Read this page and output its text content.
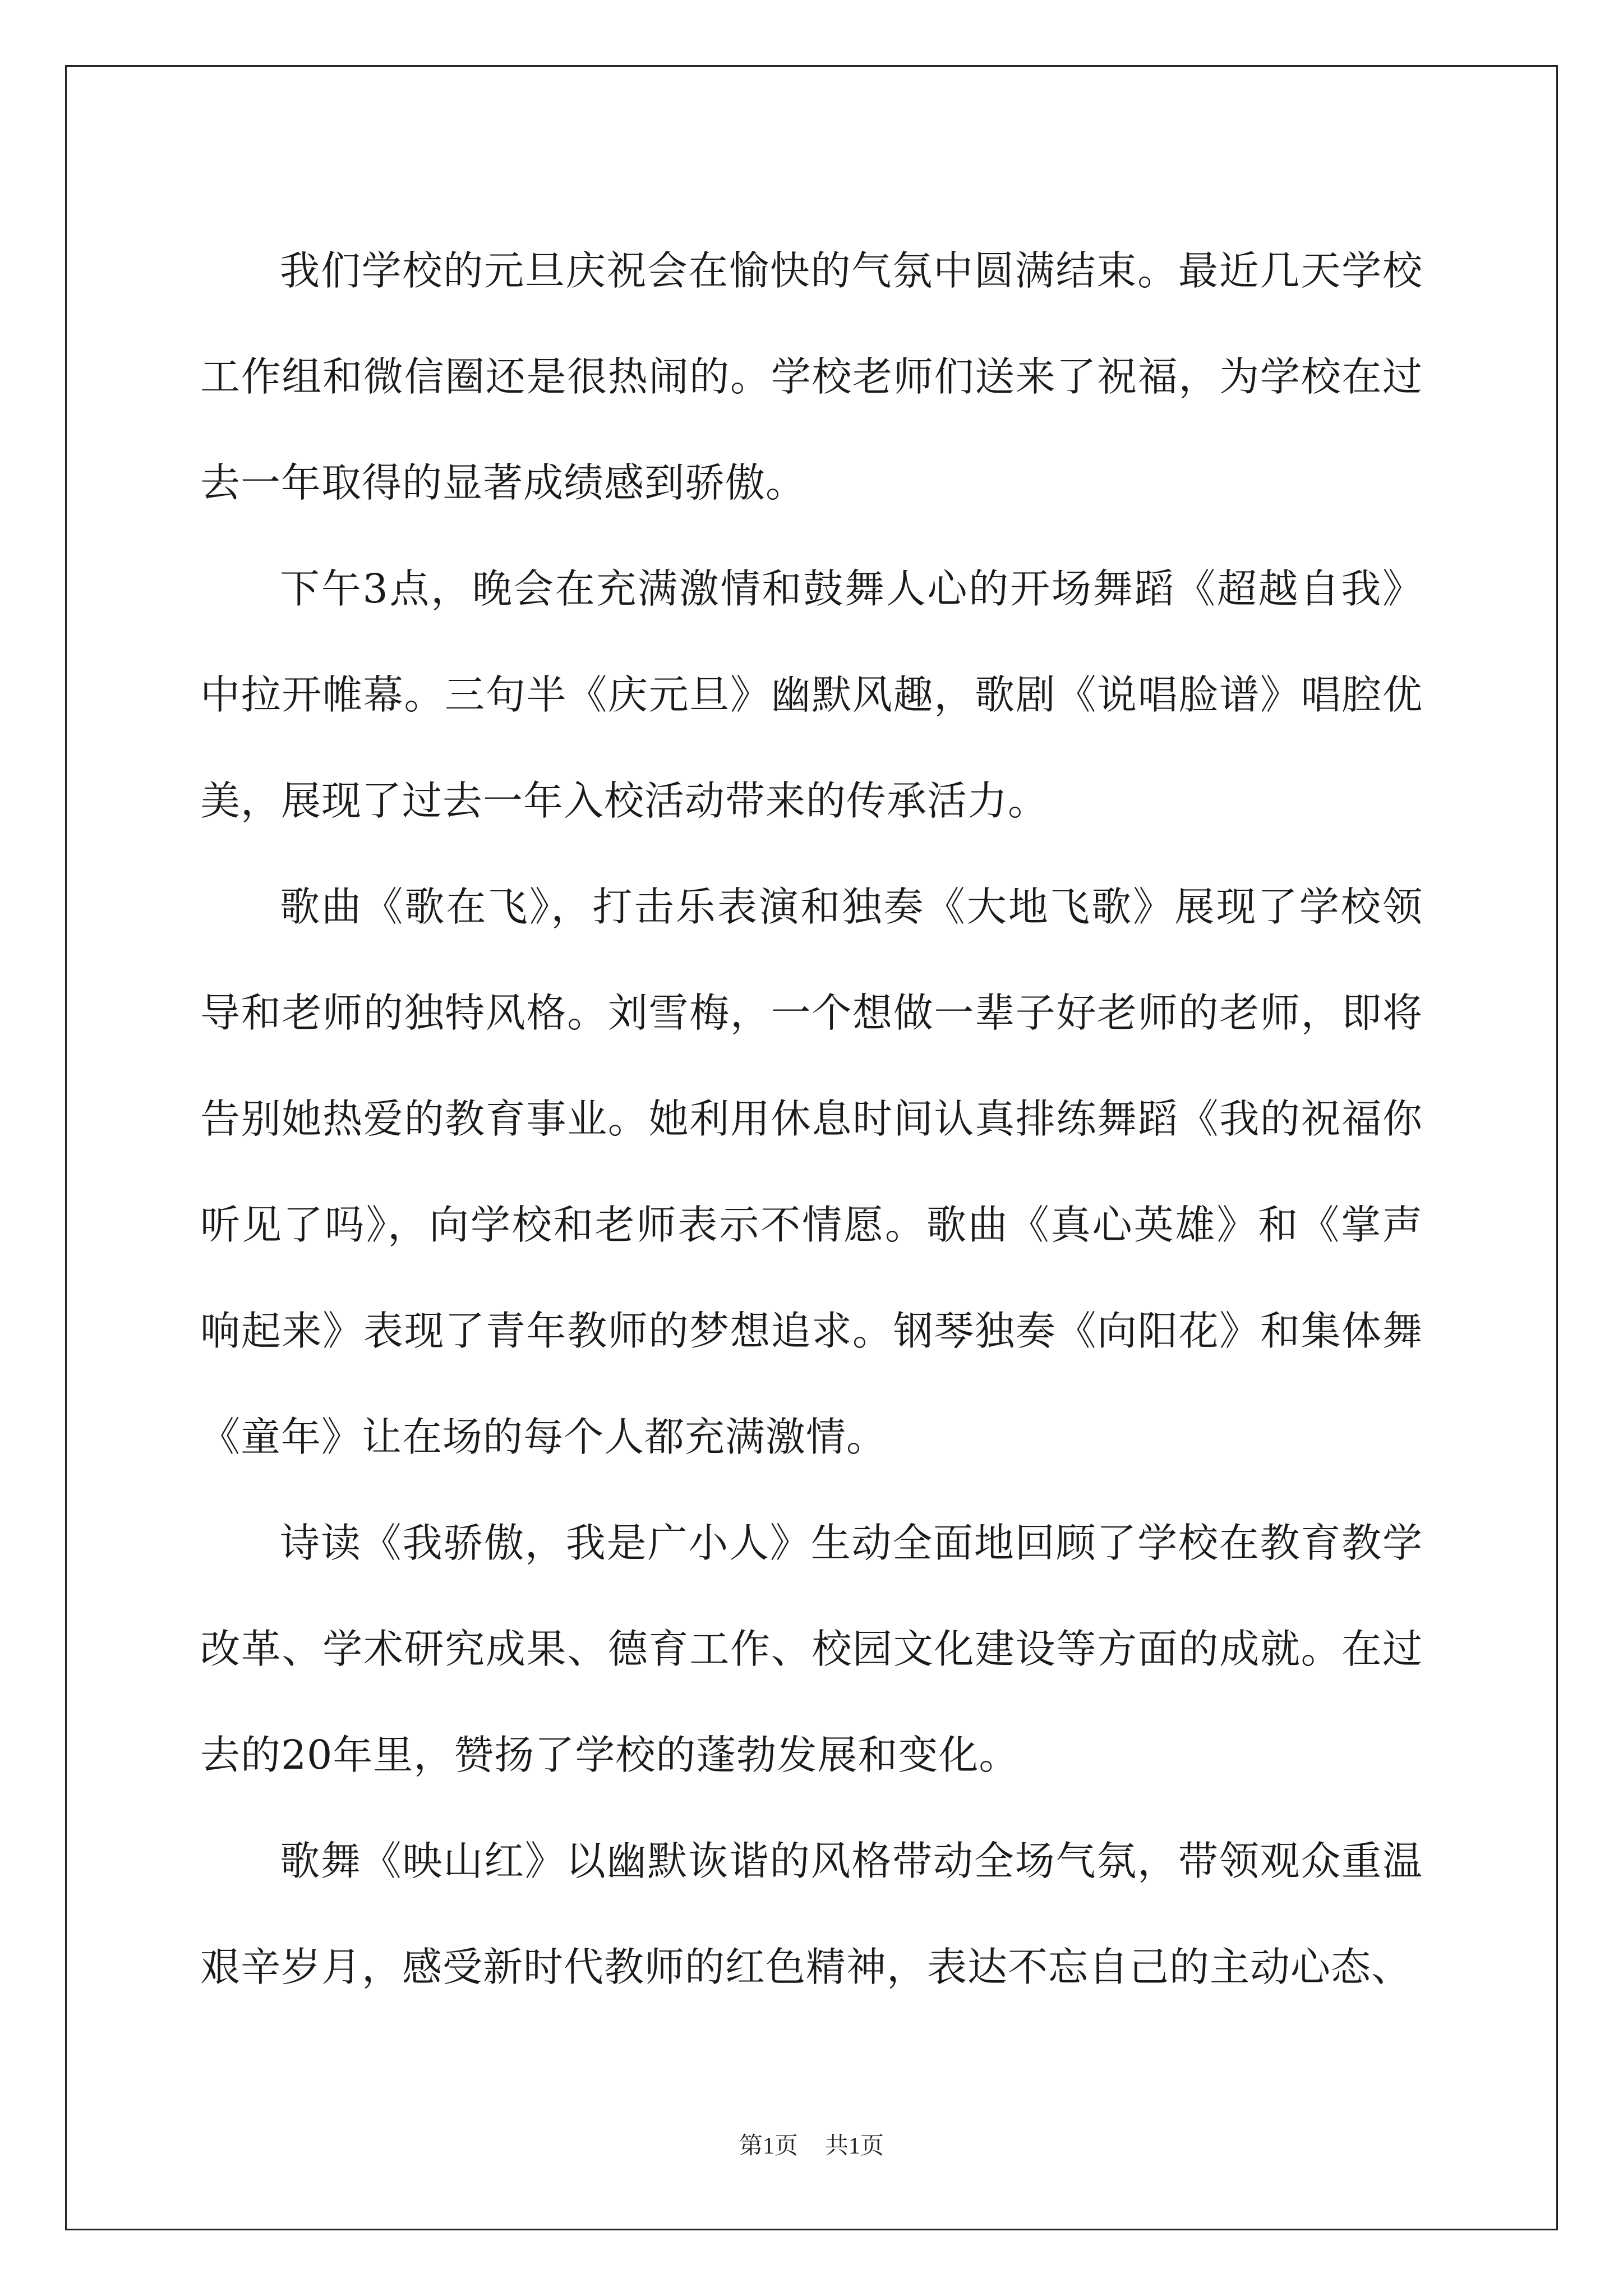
我们学校的元旦庆祝会在愉快的气氛中圆满结束。最近几天学校工作组和微信圈还是很热闹的。学校老师们送来了祝福，为学校在过去一年取得的显著成绩感到骄傲。

下午3点，晚会在充满激情和鼓舞人心的开场舞蹈《超越自我》中拉开帷幕。三句半《庆元旦》幽默风趣，歌剧《说唱脸谱》唱腔优美，展现了过去一年入校活动带来的传承活力。

歌曲《歌在飞》，打击乐表演和独奏《大地飞歌》展现了学校领导和老师的独特风格。刘雪梅，一个想做一辈子好老师的老师，即将告别她热爱的教育事业。她利用休息时间认真排练舞蹈《我的祝福你听见了吗》，向学校和老师表示不情愿。歌曲《真心英雄》和《掌声响起来》表现了青年教师的梦想追求。钢琴独奏《向阳花》和集体舞《童年》让在场的每个人都充满激情。

诗读《我骄傲，我是广小人》生动全面地回顾了学校在教育教学改革、学术研究成果、德育工作、校园文化建设等方面的成就。在过去的20年里，赞扬了学校的蓬勃发展和变化。

歌舞《映山红》以幽默诙谐的风格带动全场气氛，带领观众重温艰辛岁月，感受新时代教师的红色精神，表达不忘自己的主动心态、

第1页 共1页
